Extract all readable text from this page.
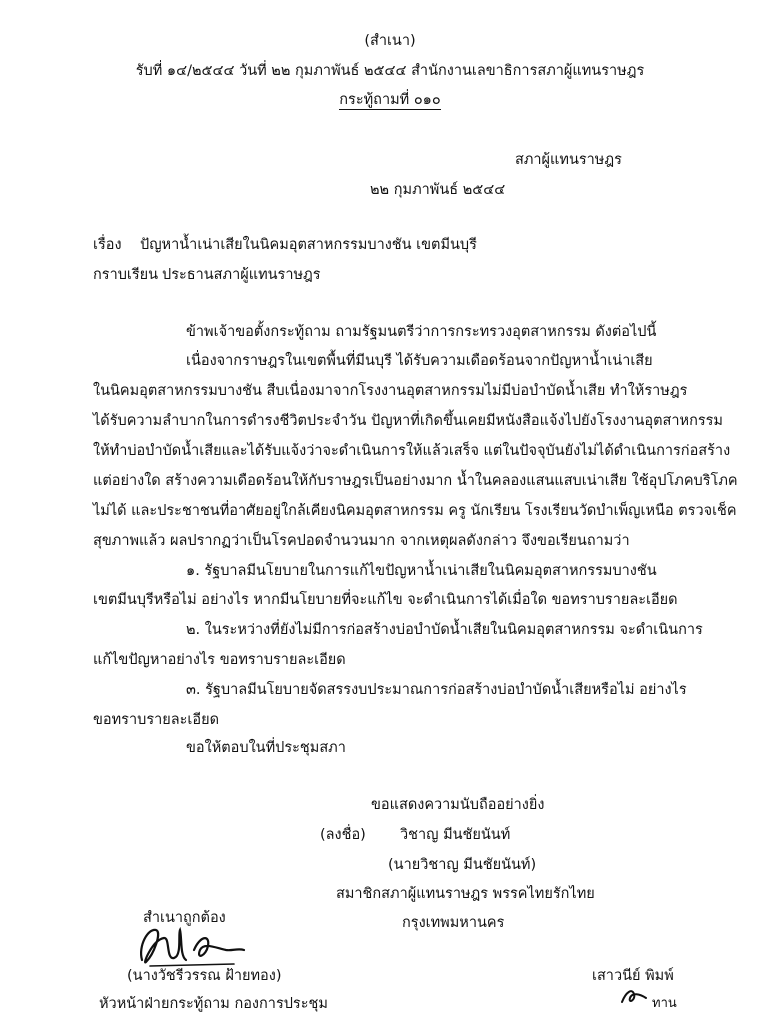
(สำเนา)
รับที่ ๑๔/๒๕๔๔ วันที่ ๒๒ กุมภาพันธ์ ๒๕๔๔ สำนักงานเลขาธิการสภาผู้แทนราษฎร
กระทู้ถามที่ ๐๑๐
สภาผู้แทนราษฎร
๒๒ กุมภาพันธ์ ๒๕๔๔
เรื่อง ปัญหาน้ำเน่าเสียในนิคมอุตสาหกรรมบางชัน เขตมีนบุรี
กราบเรียน ประธานสภาผู้แทนราษฎร
ข้าพเจ้าขอตั้งกระทู้ถาม ถามรัฐมนตรีว่าการกระทรวงอุตสาหกรรม ดังต่อไปนี้
เนื่องจากราษฎรในเขตพื้นที่มีนบุรี ได้รับความเดือดร้อนจากปัญหาน้ำเน่าเสีย
ในนิคมอุตสาหกรรมบางชัน สืบเนื่องมาจากโรงงานอุตสาหกรรมไม่มีบ่อบำบัดน้ำเสีย ทำให้ราษฎร
ได้รับความลำบากในการดำรงชีวิตประจำวัน ปัญหาที่เกิดขึ้นเคยมีหนังสือแจ้งไปยังโรงงานอุตสาหกรรม
ให้ทำบ่อบำบัดน้ำเสียและได้รับแจ้งว่าจะดำเนินการให้แล้วเสร็จ แต่ในปัจจุบันยังไม่ได้ดำเนินการก่อสร้าง
แต่อย่างใด สร้างความเดือดร้อนให้กับราษฎรเป็นอย่างมาก น้ำในคลองแสนแสบเน่าเสีย ใช้อุปโภคบริโภค
ไม่ได้ และประชาชนที่อาศัยอยู่ใกล้เคียงนิคมอุตสาหกรรม ครู นักเรียน โรงเรียนวัดบำเพ็ญเหนือ ตรวจเช็ค
สุขภาพแล้ว ผลปรากฏว่าเป็นโรคปอดจำนวนมาก จากเหตุผลดังกล่าว จึงขอเรียนถามว่า
๑. รัฐบาลมีนโยบายในการแก้ไขปัญหาน้ำเน่าเสียในนิคมอุตสาหกรรมบางชัน
เขตมีนบุรีหรือไม่ อย่างไร หากมีนโยบายที่จะแก้ไข จะดำเนินการได้เมื่อใด ขอทราบรายละเอียด
๒. ในระหว่างที่ยังไม่มีการก่อสร้างบ่อบำบัดน้ำเสียในนิคมอุตสาหกรรม จะดำเนินการ
แก้ไขปัญหาอย่างไร ขอทราบรายละเอียด
๓. รัฐบาลมีนโยบายจัดสรรงบประมาณการก่อสร้างบ่อบำบัดน้ำเสียหรือไม่ อย่างไร
ขอทราบรายละเอียด
ขอให้ตอบในที่ประชุมสภา
ขอแสดงความนับถืออย่างยิ่ง
(ลงชื่อ) วิชาญ มีนชัยนันท์
(นายวิชาญ มีนชัยนันท์)
สมาชิกสภาผู้แทนราษฎร พรรคไทยรักไทย
กรุงเทพมหานคร
สำเนาถูกต้อง
(นางวัชรีวรรณ ฝ้ายทอง)
หัวหน้าฝ่ายกระทู้ถาม กองการประชุม
เสาวนีย์ พิมพ์
ทาน
